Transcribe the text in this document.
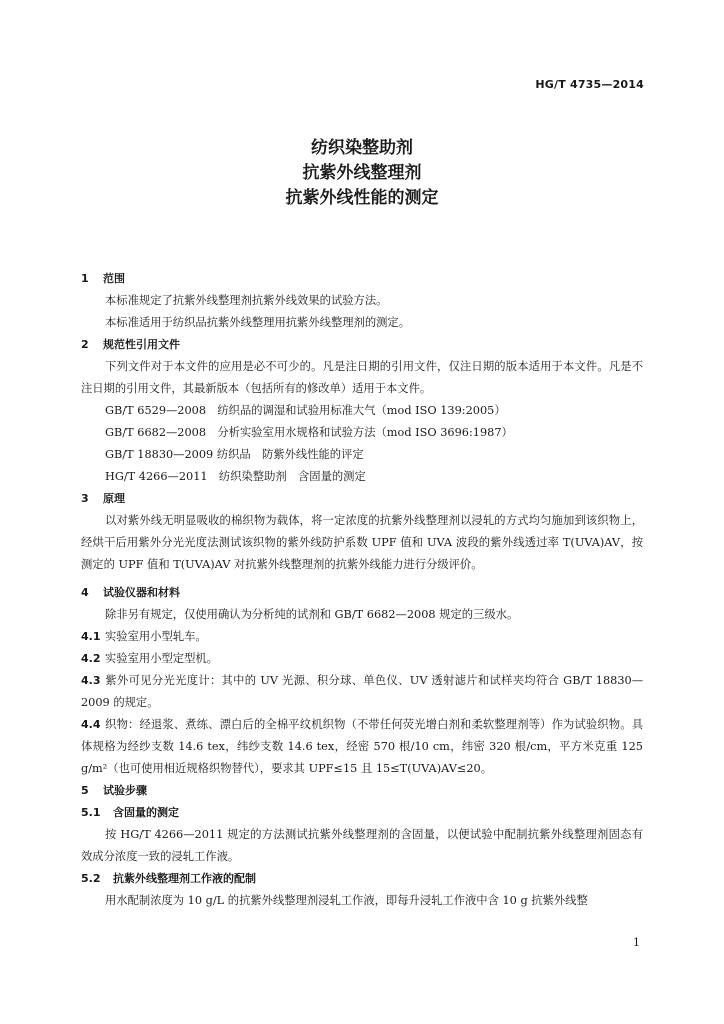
HG/T 4735—2014
纺织染整助剂
抗紫外线整理剂
抗紫外线性能的测定
1 范围
本标准规定了抗紫外线整理剂抗紫外线效果的试验方法。
本标准适用于纺织品抗紫外线整理用抗紫外线整理剂的测定。
2 规范性引用文件
下列文件对于本文件的应用是必不可少的。凡是注日期的引用文件，仅注日期的版本适用于本文件。凡是不注日期的引用文件，其最新版本（包括所有的修改单）适用于本文件。
GB/T 6529—2008　纺织品的调湿和试验用标准大气（mod ISO 139:2005）
GB/T 6682—2008　分析实验室用水规格和试验方法（mod ISO 3696:1987）
GB/T 18830—2009 纺织品　防紫外线性能的评定
HG/T 4266—2011　纺织染整助剂　含固量的测定
3 原理
以对紫外线无明显吸收的棉织物为载体，将一定浓度的抗紫外线整理剂以浸轧的方式均匀施加到该织物上，经烘干后用紫外分光光度法测试该织物的紫外线防护系数 UPF 值和 UVA 波段的紫外线透过率 T(UVA)AV，按测定的 UPF 值和 T(UVA)AV 对抗紫外线整理剂的抗紫外线能力进行分级评价。
4 试验仪器和材料
除非另有规定，仅使用确认为分析纯的试剂和 GB/T 6682—2008 规定的三级水。
4.1 实验室用小型轧车。
4.2 实验室用小型定型机。
4.3 紫外可见分光光度计：其中的 UV 光源、积分球、单色仪、UV 透射滤片和试样夹均符合 GB/T 18830—2009 的规定。
4.4 织物：经退浆、煮练、漂白后的全棉平纹机织物（不带任何荧光增白剂和柔软整理剂等）作为试验织物。具体规格为经纱支数 14.6 tex，纬纱支数 14.6 tex，经密 570 根/10 cm，纬密 320 根/cm，平方米克重 125 g/m²（也可使用相近规格织物替代），要求其 UPF≤15 且 15≤T(UVA)AV≤20。
5 试验步骤
5.1 含固量的测定
按 HG/T 4266—2011 规定的方法测试抗紫外线整理剂的含固量，以便试验中配制抗紫外线整理剂固态有效成分浓度一致的浸轧工作液。
5.2 抗紫外线整理剂工作液的配制
用水配制浓度为 10 g/L 的抗紫外线整理剂浸轧工作液，即每升浸轧工作液中含 10 g 抗紫外线整
1
